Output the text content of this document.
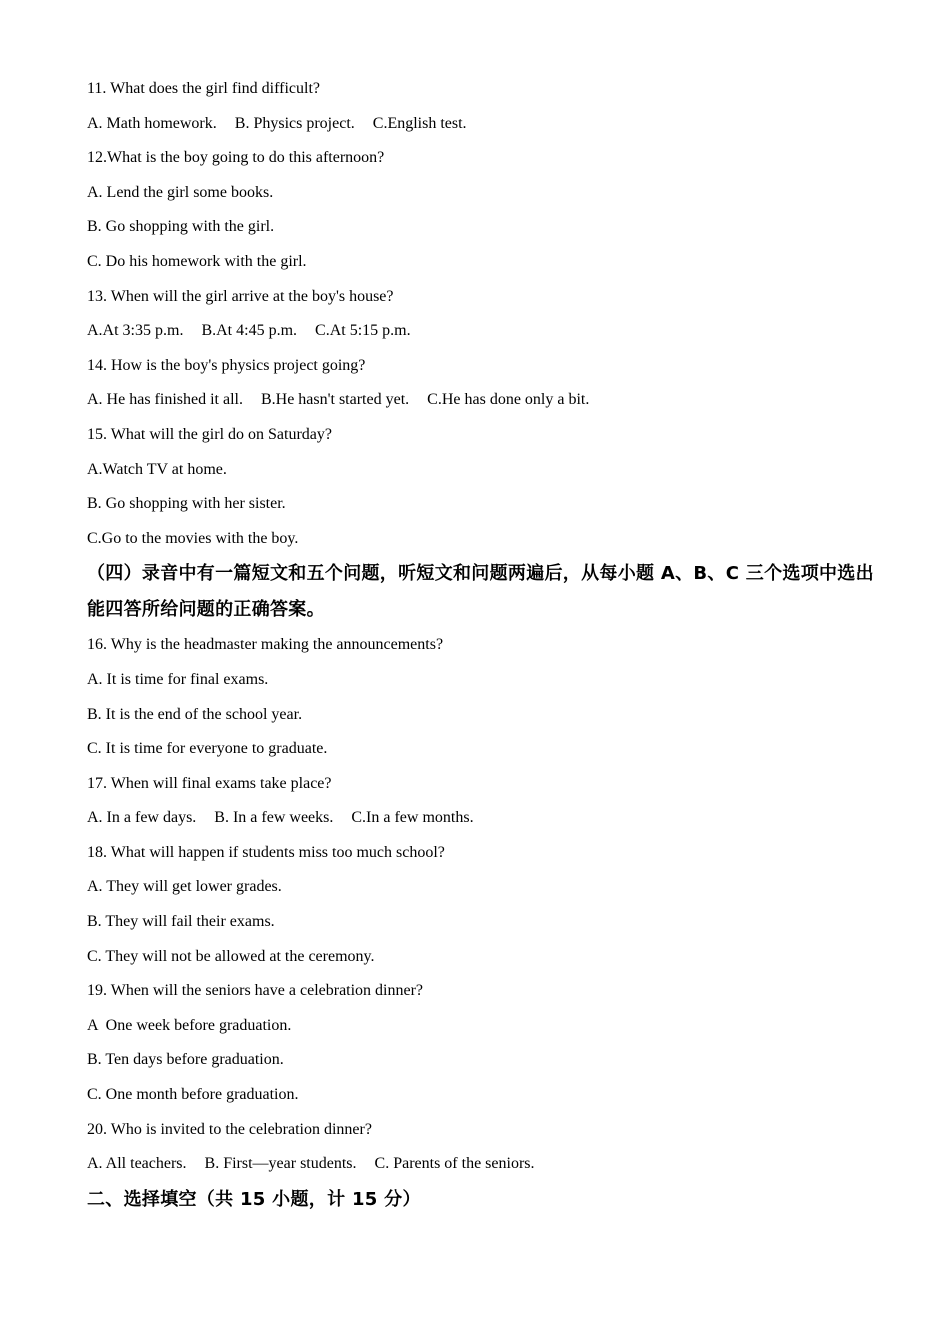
11. What does the girl find difficult?
A. Math homework. B. Physics project. C.English test.
12.What is the boy going to do this afternoon?
A. Lend the girl some books.
B. Go shopping with the girl.
C. Do his homework with the girl.
13. When will the girl arrive at the boy's house?
A.At 3:35 p.m. B.At 4:45 p.m. C.At 5:15 p.m.
14. How is the boy's physics project going?
A. He has finished it all. B.He hasn't started yet. C.He has done only a bit.
15. What will the girl do on Saturday?
A.Watch TV at home.
B. Go shopping with her sister.
C.Go to the movies with the boy.
（四）录音中有一篇短文和五个问题，听短文和问题两遍后，从每小题 A、B、C 三个选项中选出能四答所给问题的正确答案。
16. Why is the headmaster making the announcements?
A. It is time for final exams.
B. It is the end of the school year.
C. It is time for everyone to graduate.
17. When will final exams take place?
A. In a few days. B. In a few weeks. C.In a few months.
18. What will happen if students miss too much school?
A. They will get lower grades.
B. They will fail their exams.
C. They will not be allowed at the ceremony.
19. When will the seniors have a celebration dinner?
A  One week before graduation.
B. Ten days before graduation.
C. One month before graduation.
20. Who is invited to the celebration dinner?
A. All teachers. B. First—year students. C. Parents of the seniors.
二、选择填空（共 15 小题，计 15 分）
